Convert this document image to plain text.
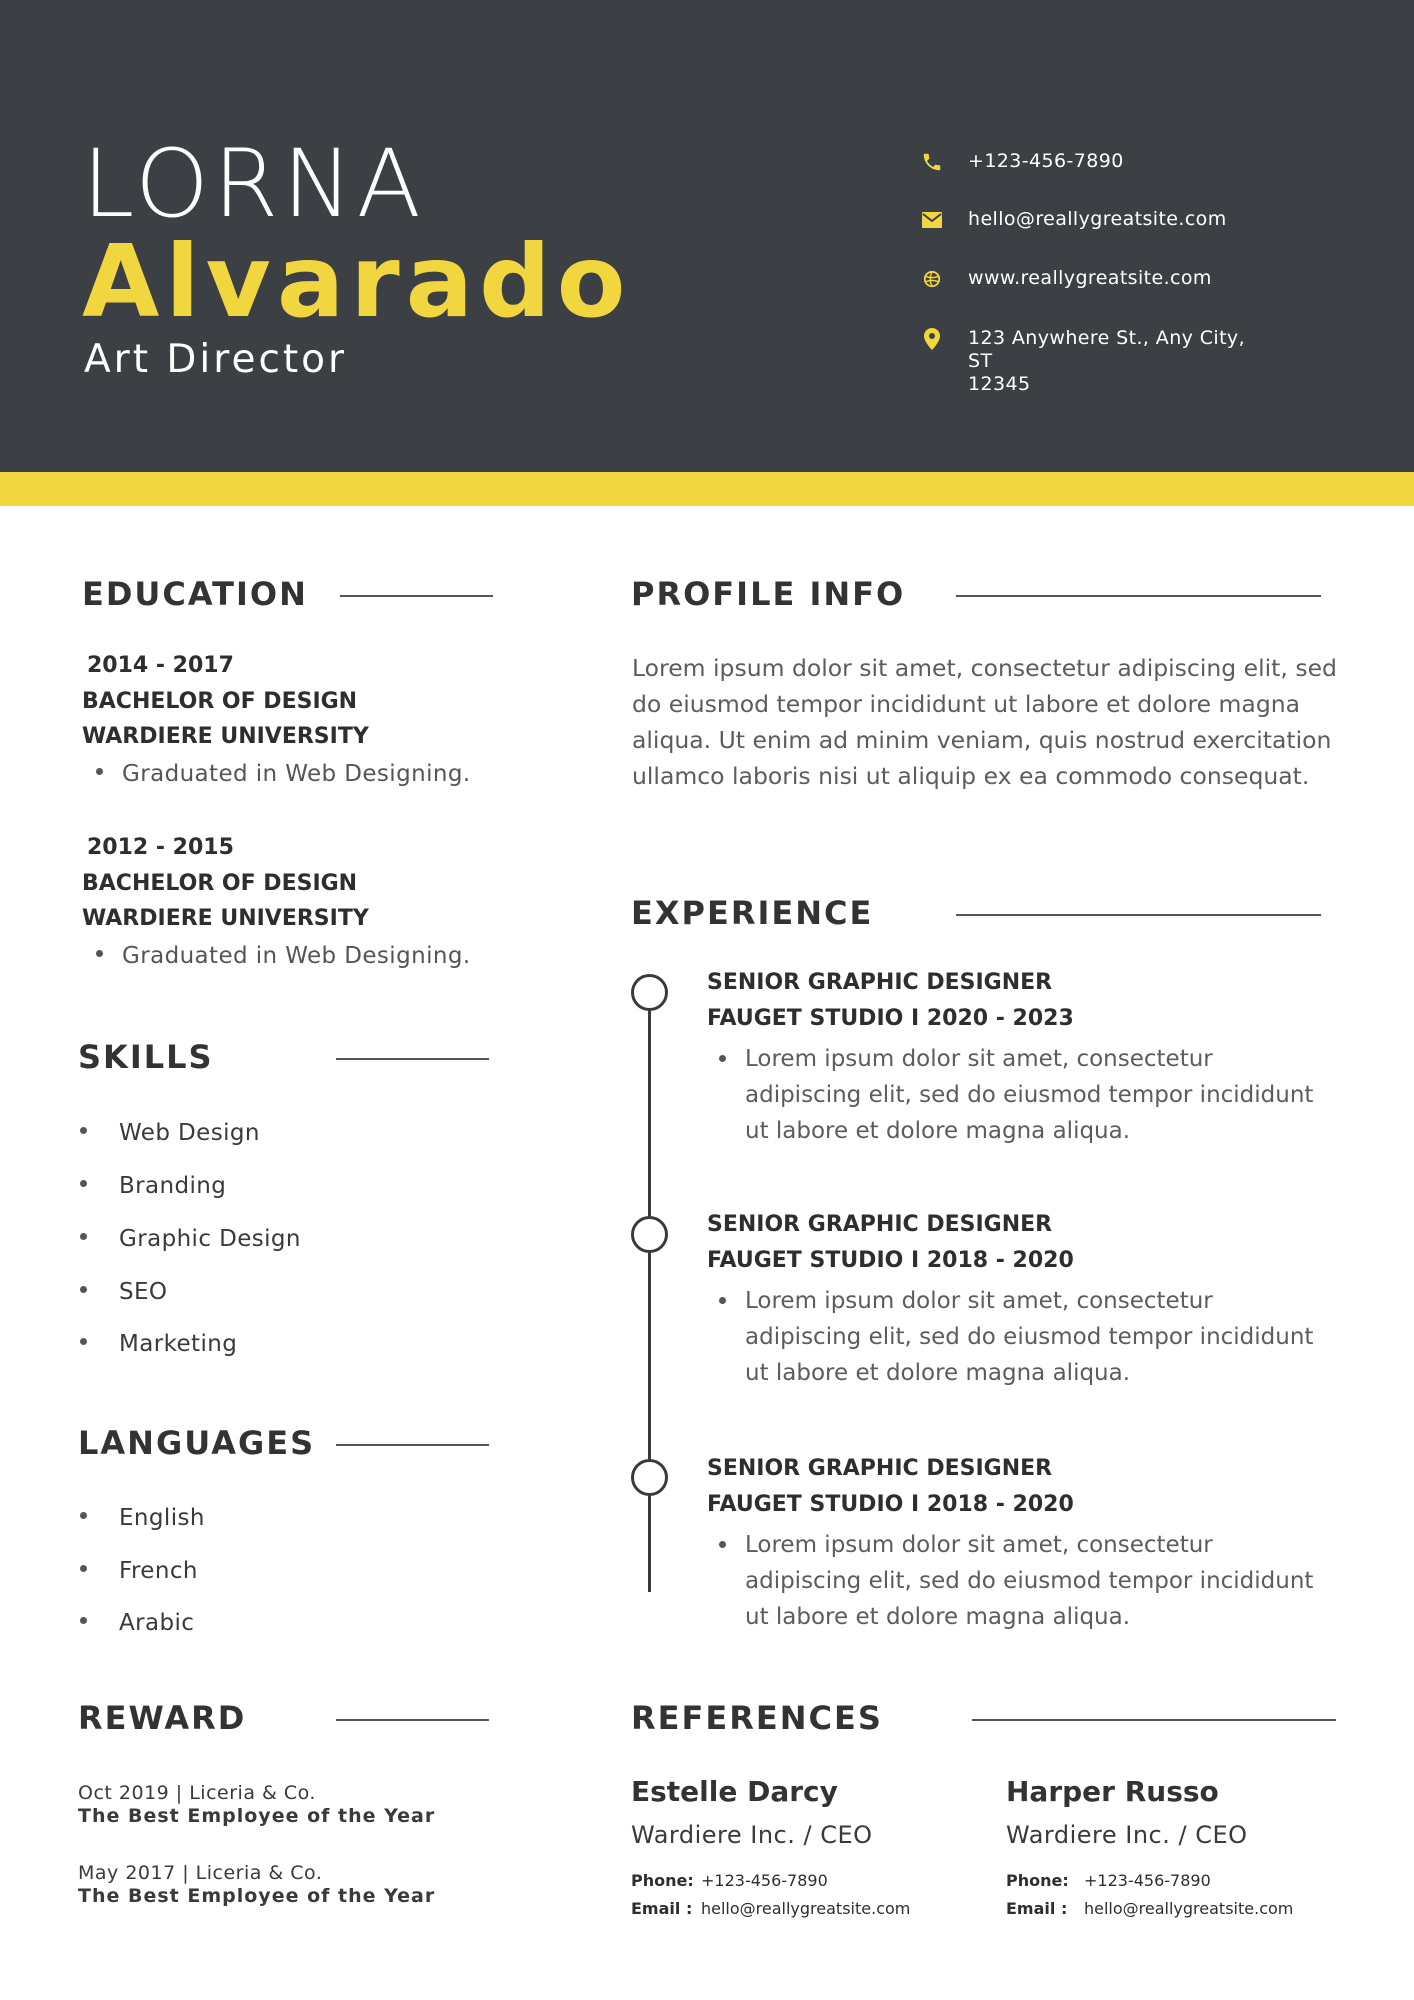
LORNA
Alvarado
Art Director
+123-456-7890
hello@reallygreatsite.com
www.reallygreatsite.com
123 Anywhere St., Any City, ST
12345
EDUCATION
2014 - 2017
BACHELOR OF DESIGN
WARDIERE UNIVERSITY
Graduated in Web Designing.
2012 - 2015
BACHELOR OF DESIGN
WARDIERE UNIVERSITY
Graduated in Web Designing.
SKILLS
Web Design
Branding
Graphic Design
SEO
Marketing
LANGUAGES
English
French
Arabic
REWARD
Oct 2019 | Liceria & Co.
The Best Employee of the Year
May 2017 | Liceria & Co.
The Best Employee of the Year
PROFILE INFO
Lorem ipsum dolor sit amet, consectetur adipiscing elit, sed do eiusmod tempor incididunt ut labore et dolore magna aliqua. Ut enim ad minim veniam, quis nostrud exercitation ullamco laboris nisi ut aliquip ex ea commodo consequat.
EXPERIENCE
SENIOR GRAPHIC DESIGNER
FAUGET STUDIO I 2020 - 2023
Lorem ipsum dolor sit amet, consectetur adipiscing elit, sed do eiusmod tempor incididunt ut labore et dolore magna aliqua.
SENIOR GRAPHIC DESIGNER
FAUGET STUDIO I 2018 - 2020
Lorem ipsum dolor sit amet, consectetur adipiscing elit, sed do eiusmod tempor incididunt ut labore et dolore magna aliqua.
SENIOR GRAPHIC DESIGNER
FAUGET STUDIO I 2018 - 2020
Lorem ipsum dolor sit amet, consectetur adipiscing elit, sed do eiusmod tempor incididunt ut labore et dolore magna aliqua.
REFERENCES
Estelle Darcy
Wardiere Inc. / CEO
Phone: +123-456-7890
Email : hello@reallygreatsite.com
Harper Russo
Wardiere Inc. / CEO
Phone: +123-456-7890
Email :	hello@reallygreatsite.com
